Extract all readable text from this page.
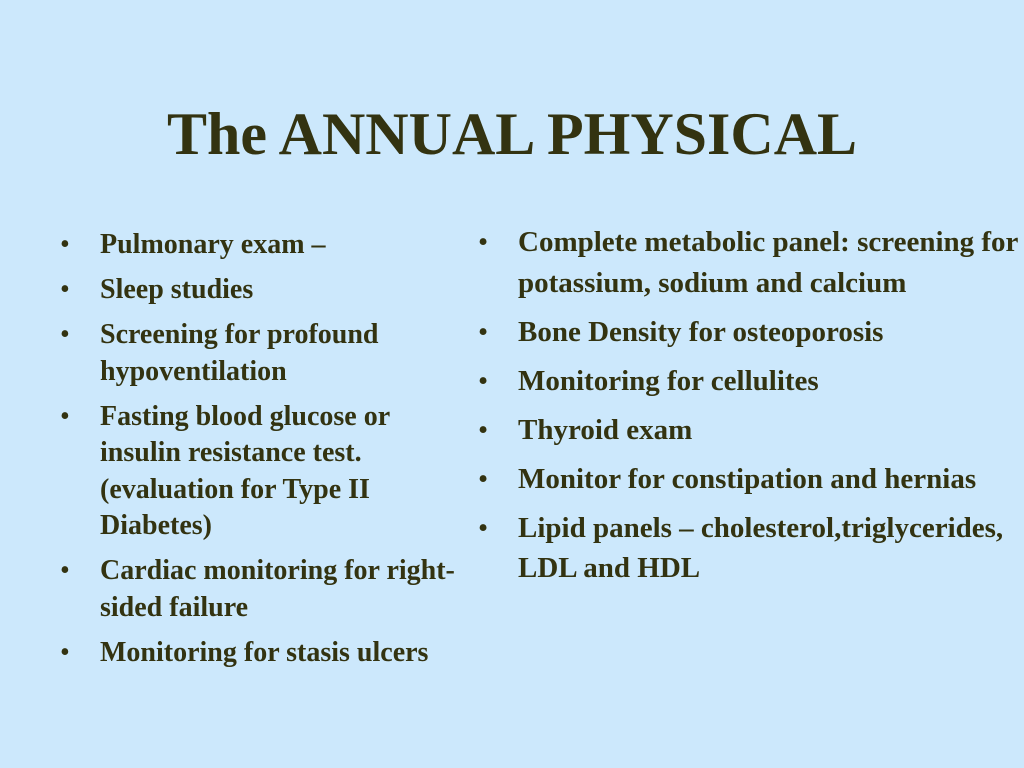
The ANNUAL PHYSICAL
•	Pulmonary exam –
•	Sleep studies
•	Screening for profound hypoventilation
•	Fasting blood glucose or insulin resistance test. (evaluation for Type II Diabetes)
•	Cardiac monitoring for right-sided failure
•	Monitoring for stasis ulcers
•	Complete metabolic panel: screening for potassium, sodium and calcium
•	Bone Density for osteoporosis
•	Monitoring for cellulites
•	Thyroid exam
•	Monitor for constipation and hernias
•	Lipid panels – cholesterol,triglycerides, LDL and HDL
